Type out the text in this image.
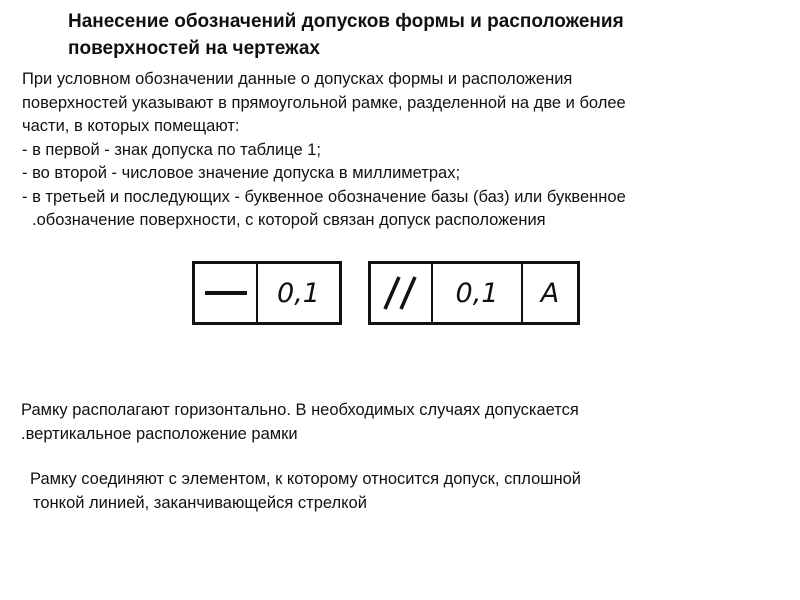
Нанесение обозначений допусков формы и расположения
поверхностей на чертежах
При условном обозначении данные о допусках формы и расположения
поверхностей указывают в прямоугольной рамке, разделенной на две и более
части, в которых помещают:
- в первой - знак допуска по таблице 1;
- во второй - числовое значение допуска в миллиметрах;
- в третьей и последующих - буквенное обозначение базы (баз) или буквенное
.обозначение поверхности, с которой связан допуск расположения
0,1	0,1	A
Рамку располагают горизонтально. В необходимых случаях допускается
.вертикальное расположение рамки
Рамку соединяют с элементом, к которому относится допуск, сплошной
тонкой линией, заканчивающейся стрелкой
